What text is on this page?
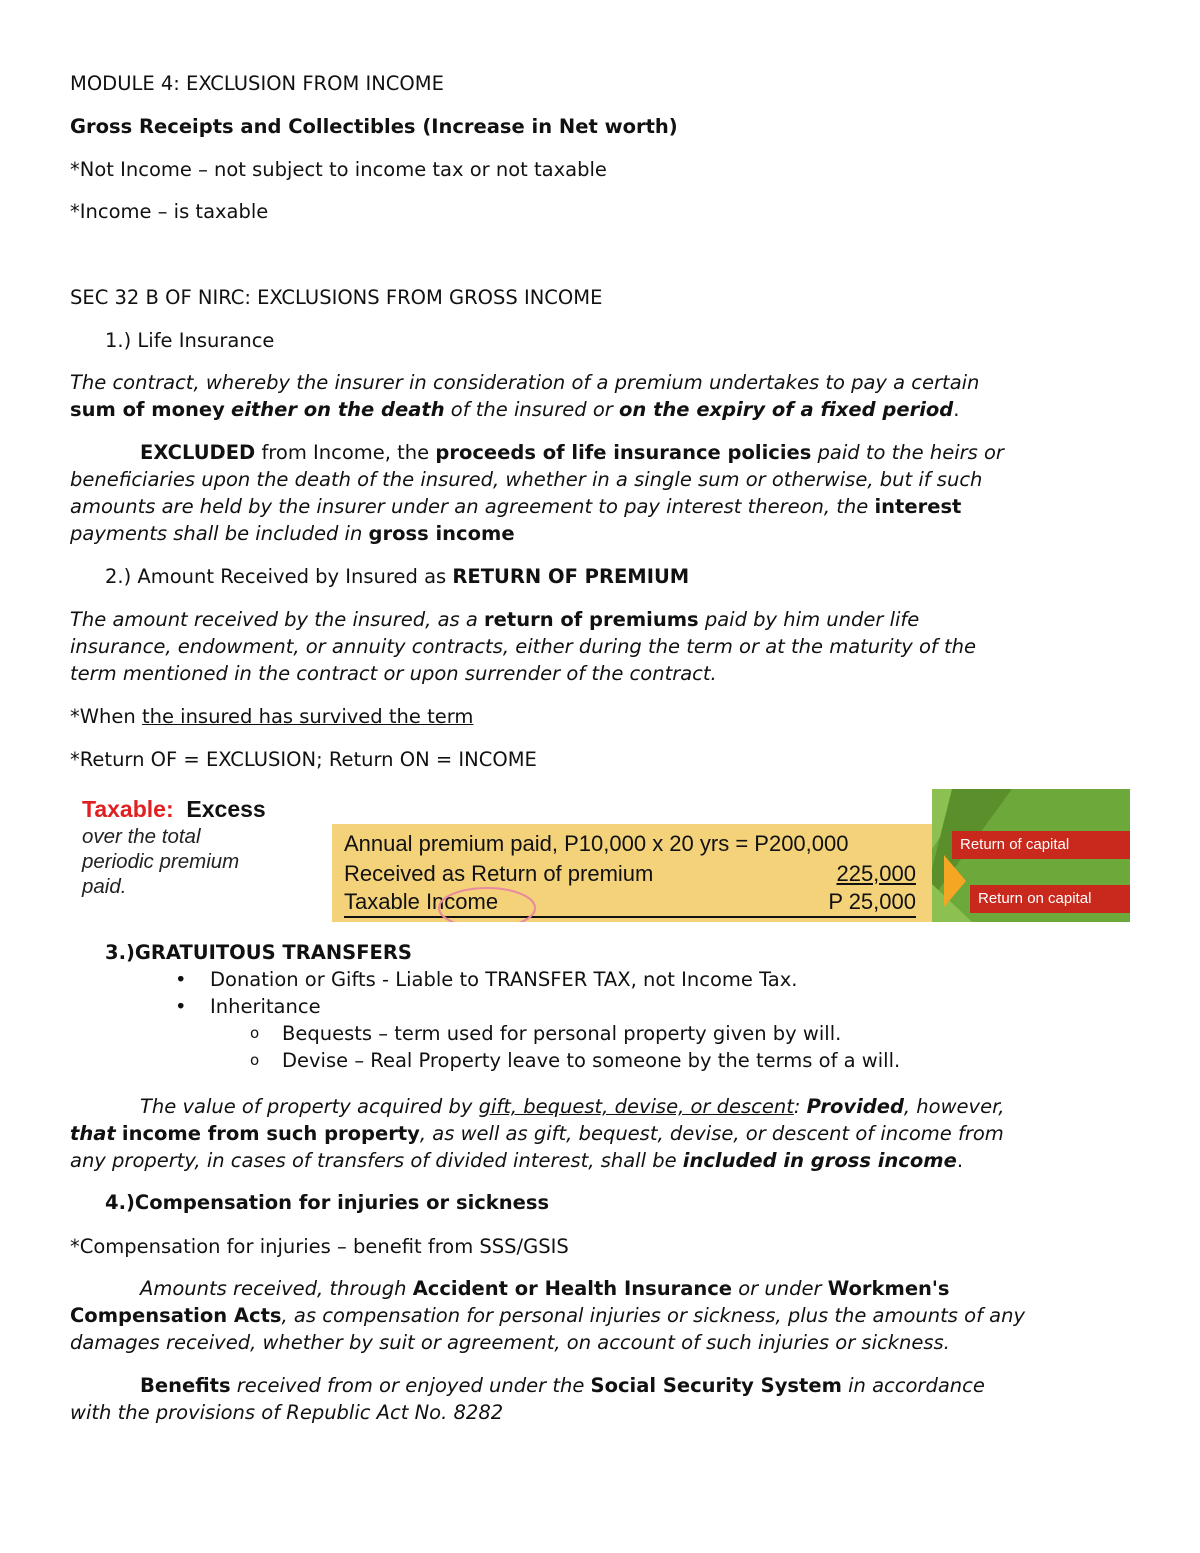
MODULE 4: EXCLUSION FROM INCOME
Gross Receipts and Collectibles (Increase in Net worth)
*Not Income – not subject to income tax or not taxable
*Income – is taxable
SEC 32 B OF NIRC: EXCLUSIONS FROM GROSS INCOME
1.) Life Insurance
The contract, whereby the insurer in consideration of a premium undertakes to pay a certain
sum of money either on the death of the insured or on the expiry of a fixed period.
EXCLUDED from Income, the proceeds of life insurance policies paid to the heirs or
beneficiaries upon the death of the insured, whether in a single sum or otherwise, but if such
amounts are held by the insurer under an agreement to pay interest thereon, the interest
payments shall be included in gross income
2.) Amount Received by Insured as RETURN OF PREMIUM
The amount received by the insured, as a return of premiums paid by him under life
insurance, endowment, or annuity contracts, either during the term or at the maturity of the
term mentioned in the contract or upon surrender of the contract.
*When the insured has survived the term
*Return OF = EXCLUSION; Return ON = INCOME
Taxable: Excess
over the total
periodic premium
paid.
Annual premium paid, P10,000 x 20 yrs = P200,000
Received as Return of premium	225,000
Taxable Income	P 25,000
Return of capital
Return on capital
3.)GRATUITOUS TRANSFERS
• Donation or Gifts - Liable to TRANSFER TAX, not Income Tax.
• Inheritance
o Bequests – term used for personal property given by will.
o Devise – Real Property leave to someone by the terms of a will.
The value of property acquired by gift, bequest, devise, or descent: Provided, however,
that income from such property, as well as gift, bequest, devise, or descent of income from
any property, in cases of transfers of divided interest, shall be included in gross income.
4.)Compensation for injuries or sickness
*Compensation for injuries – benefit from SSS/GSIS
Amounts received, through Accident or Health Insurance or under Workmen's
Compensation Acts, as compensation for personal injuries or sickness, plus the amounts of any
damages received, whether by suit or agreement, on account of such injuries or sickness.
Benefits received from or enjoyed under the Social Security System in accordance
with the provisions of Republic Act No. 8282
